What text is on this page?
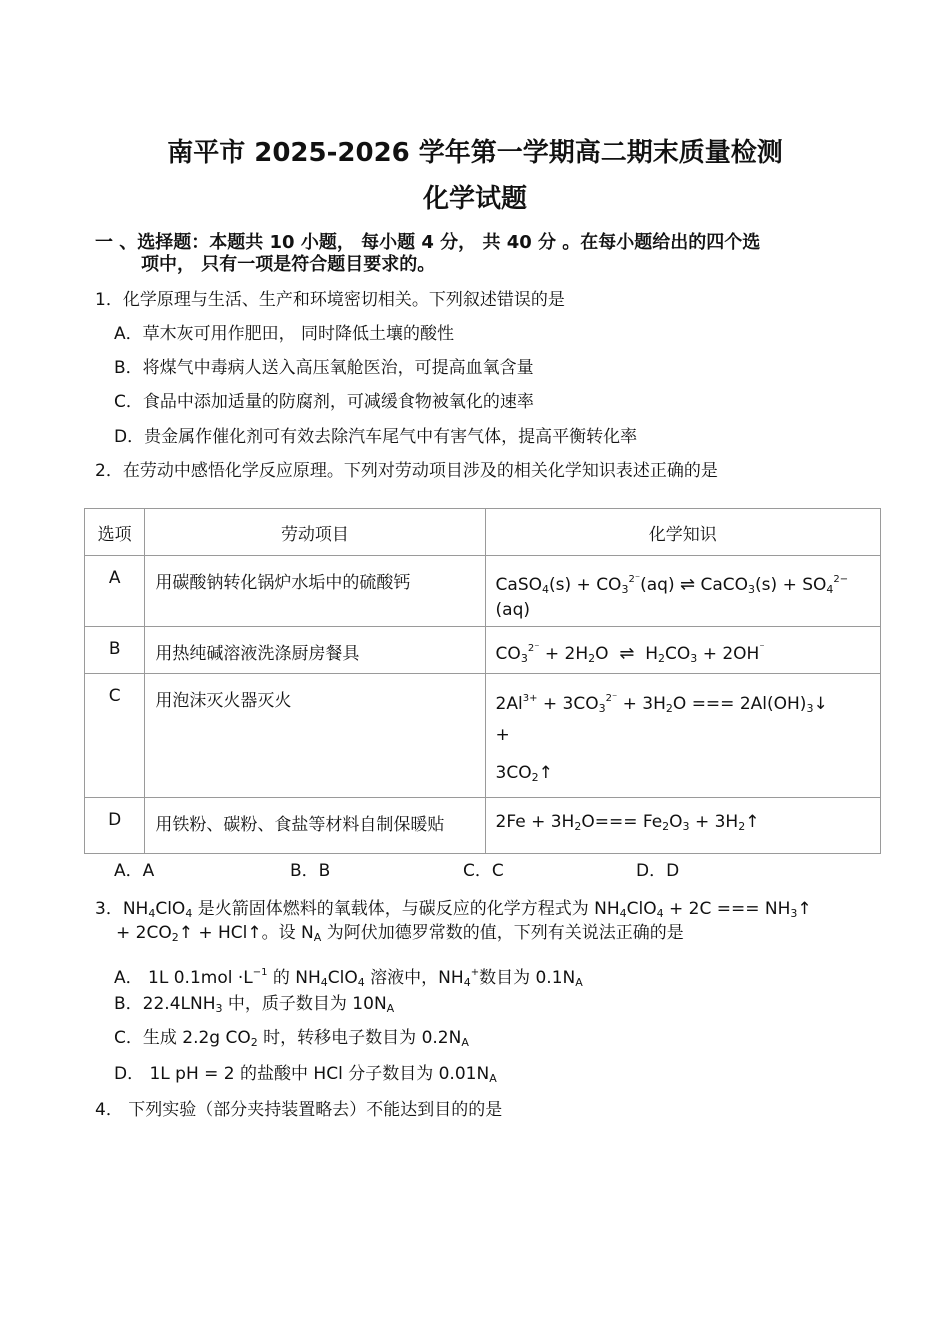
南平市 2025-2026 学年第一学期高二期末质量检测
化学试题
一 、选择题：本题共 10 小题， 每小题 4 分， 共 40 分 。在每小题给出的四个选
项中， 只有一项是符合题目要求的。
1．化学原理与生活、生产和环境密切相关。下列叙述错误的是
A．草木灰可用作肥田， 同时降低土壤的酸性
B．将煤气中毒病人送入高压氧舱医治，可提高血氧含量
C．食品中添加适量的防腐剂，可减缓食物被氧化的速率
D．贵金属作催化剂可有效去除汽车尾气中有害气体，提高平衡转化率
2．在劳动中感悟化学反应原理。下列对劳动项目涉及的相关化学知识表述正确的是
选项	劳动项目	化学知识

A	用碳酸钠转化锅炉水垢中的硫酸钙	CaSO$_4$(s) + $CO_3^{2^-}(aq)$ ⇌ CaCO$_3$(s) + $SO_4^{2-}$
(aq)

B	用热纯碱溶液洗涤厨房餐具	$CO_3^{2^-} + 2H_2O$ ⇌ $H_2CO_3 + 2OH^{^-}$

C	用泡沫灭火器灭火	$2Al^{3+} + 3CO_3^{2^-} + 3H_2O$ === $2Al(OH)_3↓$
+

$3CO_2↑$

D	用铁粉、碳粉、食盐等材料自制保暖贴	$2Fe + 3H_2O=== Fe_2O_3$ + $3H_2↑$
A．A	B．B	C．C	D．D
3．$NH_4ClO_4$ 是火箭固体燃料的氧载体，与碳反应的化学方程式为 $NH_4ClO_4 + 2C$ === $NH_3↑$
+ $2CO_2↑$ + HCl↑。设 $N_A$ 为阿伏加德罗常数的值，下列有关说法正确的是
A． 1L $0.1mol \cdot L^{-1}$ 的 $NH_4ClO_4$ 溶液中，$NH_4^+$数目为 $0.1N_A$
B．$22.4LNH_3$ 中，质子数目为 $10N_A$
C．生成 2.2g $CO_2$ 时，转移电子数目为 $0.2N_A$
D． 1L pH = 2 的盐酸中 HCl 分子数目为 $0.01N_A$
4． 下列实验（部分夹持装置略去）不能达到目的的是
